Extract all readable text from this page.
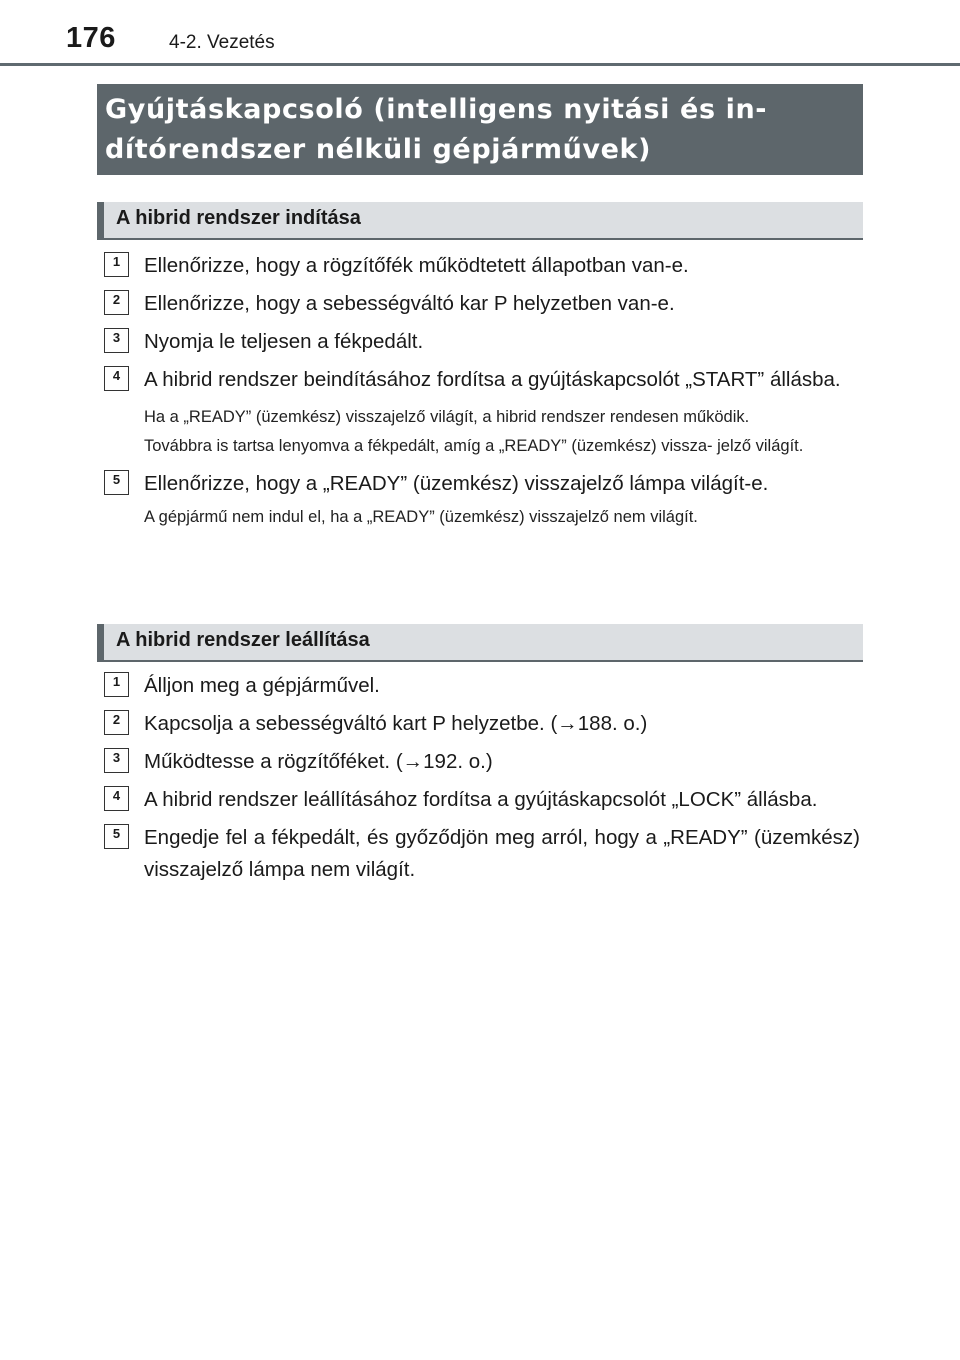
176	4-2. Vezetés
Gyújtáskapcsoló (intelligens nyitási és in- dítórendszer nélküli gépjárművek)
A hibrid rendszer indítása
1	Ellenőrizze, hogy a rögzítőfék működtetett állapotban van-e.

2	Ellenőrizze, hogy a sebességváltó kar P helyzetben van-e.

3	Nyomja le teljesen a fékpedált.

4	A hibrid rendszer beindításához fordítsa a gyújtáskapcsolót „START” állásba.

Ha a „READY” (üzemkész) visszajelző világít, a hibrid rendszer rendesen működik.

Továbbra is tartsa lenyomva a fékpedált, amíg a „READY” (üzemkész) vissza- jelző világít.

5	Ellenőrizze, hogy a „READY” (üzemkész) visszajelző lámpa világít-e.

A gépjármű nem indul el, ha a „READY” (üzemkész) visszajelző nem világít.

A hibrid rendszer leállítása
1	Álljon meg a gépjárművel.

2	Kapcsolja a sebességváltó kart P helyzetbe. (→188. o.)

3	Működtesse a rögzítőféket. (→192. o.)

4	A hibrid rendszer leállításához fordítsa a gyújtáskapcsolót „LOCK” állásba.

5	Engedje fel a fékpedált, és győződjön meg arról, hogy a „READY” (üzemkész) visszajelző lámpa nem világít.
